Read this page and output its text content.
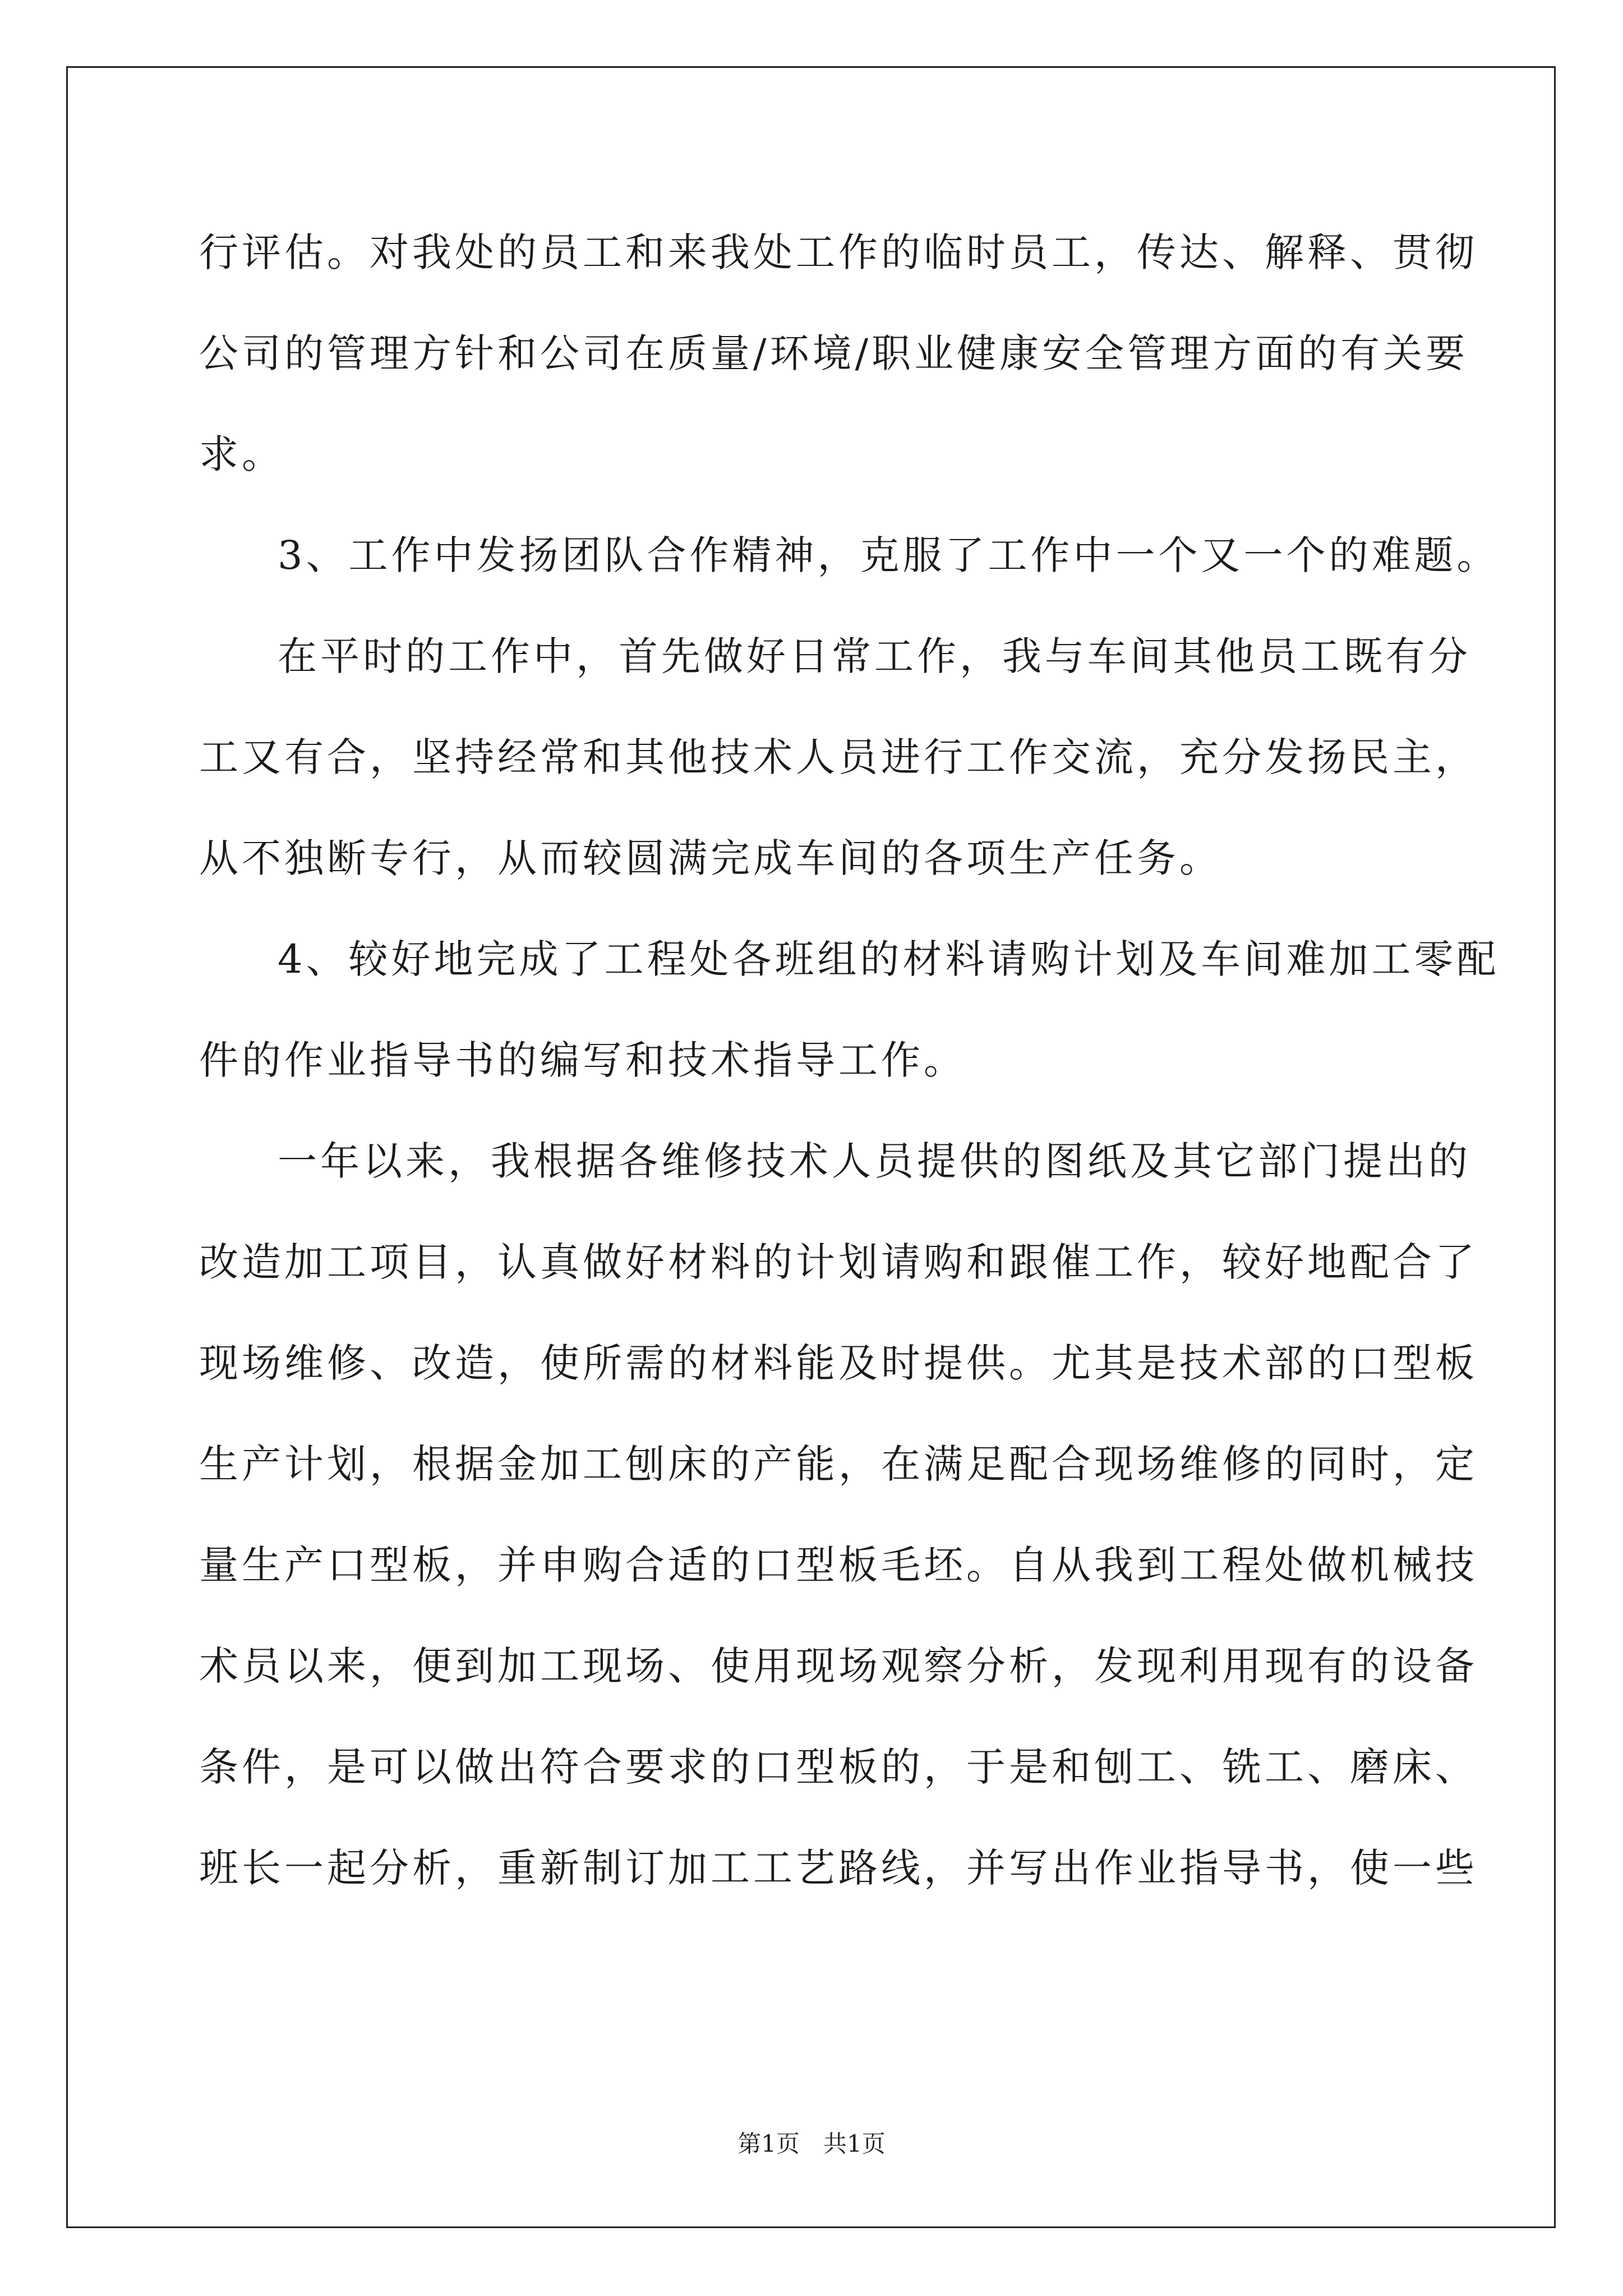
行评估。对我处的员工和来我处工作的临时员工，传达、解释、贯彻
公司的管理方针和公司在质量/环境/职业健康安全管理方面的有关要
求。
3、工作中发扬团队合作精神，克服了工作中一个又一个的难题。
在平时的工作中，首先做好日常工作，我与车间其他员工既有分
工又有合，坚持经常和其他技术人员进行工作交流，充分发扬民主，
从不独断专行，从而较圆满完成车间的各项生产任务。
4、较好地完成了工程处各班组的材料请购计划及车间难加工零配
件的作业指导书的编写和技术指导工作。
一年以来，我根据各维修技术人员提供的图纸及其它部门提出的
改造加工项目，认真做好材料的计划请购和跟催工作，较好地配合了
现场维修、改造，使所需的材料能及时提供。尤其是技术部的口型板
生产计划，根据金加工刨床的产能，在满足配合现场维修的同时，定
量生产口型板，并申购合适的口型板毛坯。自从我到工程处做机械技
术员以来，便到加工现场、使用现场观察分析，发现利用现有的设备
条件，是可以做出符合要求的口型板的，于是和刨工、铣工、磨床、
班长一起分析，重新制订加工工艺路线，并写出作业指导书，使一些
第1页　共1页
